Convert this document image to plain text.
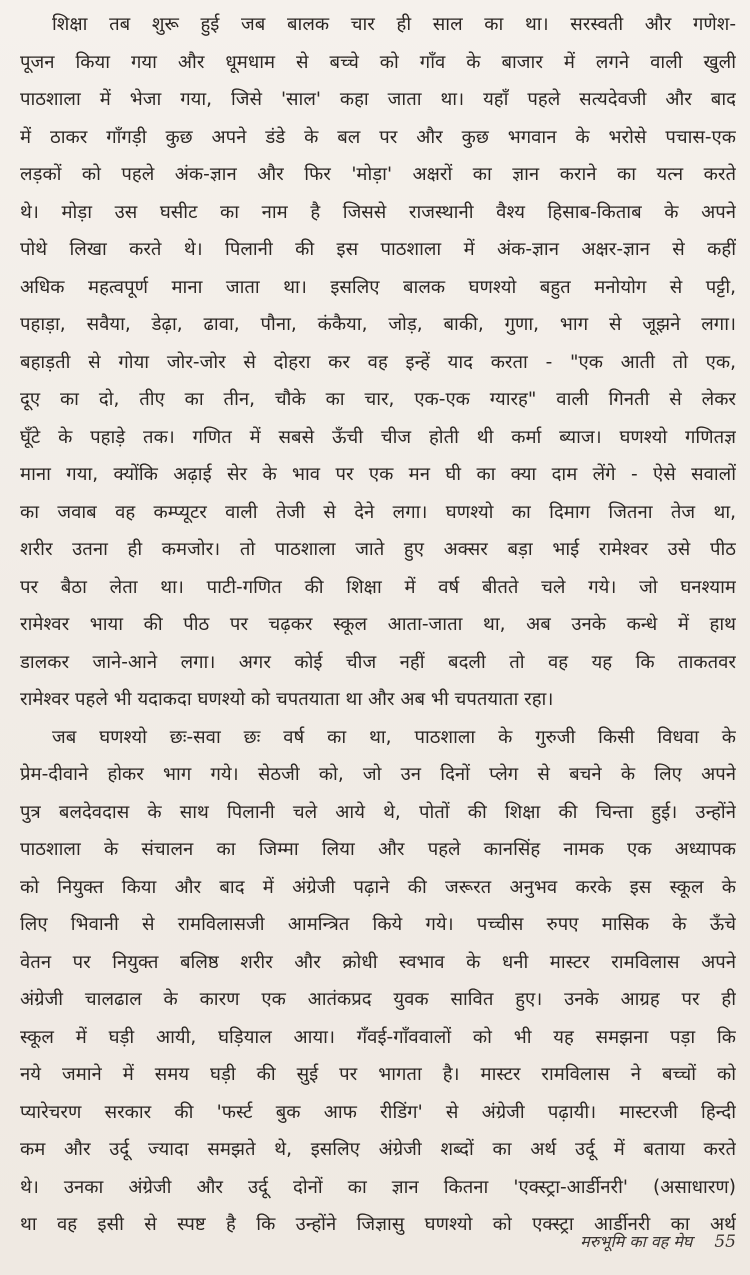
शिक्षा तब शुरू हुई जब बालक चार ही साल का था। सरस्वती और गणेश-
पूजन किया गया और धूमधाम से बच्चे को गाँव के बाजार में लगने वाली खुली
पाठशाला में भेजा गया, जिसे 'साल' कहा जाता था। यहाँ पहले सत्यदेवजी और बाद
में ठाकर गाँगड़ी कुछ अपने डंडे के बल पर और कुछ भगवान के भरोसे पचास-एक
लड़कों को पहले अंक-ज्ञान और फिर 'मोड़ा' अक्षरों का ज्ञान कराने का यत्न करते
थे। मोड़ा उस घसीट का नाम है जिससे राजस्थानी वैश्य हिसाब-किताब के अपने
पोथे लिखा करते थे। पिलानी की इस पाठशाला में अंक-ज्ञान अक्षर-ज्ञान से कहीं
अधिक महत्वपूर्ण माना जाता था। इसलिए बालक घणश्यो बहुत मनोयोग से पट्टी,
पहाड़ा, सवैया, डेढ़ा, ढावा, पौना, कंकैया, जोड़, बाकी, गुणा, भाग से जूझने लगा।
बहाड़ती से गोया जोर-जोर से दोहरा कर वह इन्हें याद करता - "एक आती तो एक,
दूए का दो, तीए का तीन, चौके का चार, एक-एक ग्यारह" वाली गिनती से लेकर
घूँटे के पहाड़े तक। गणित में सबसे ऊँची चीज होती थी कर्मा ब्याज। घणश्यो गणितज्ञ
माना गया, क्योंकि अढ़ाई सेर के भाव पर एक मन घी का क्या दाम लेंगे - ऐसे सवालों
का जवाब वह कम्प्यूटर वाली तेजी से देने लगा। घणश्यो का दिमाग जितना तेज था,
शरीर उतना ही कमजोर। तो पाठशाला जाते हुए अक्सर बड़ा भाई रामेश्वर उसे पीठ
पर बैठा लेता था। पाटी-गणित की शिक्षा में वर्ष बीतते चले गये। जो घनश्याम
रामेश्वर भाया की पीठ पर चढ़कर स्कूल आता-जाता था, अब उनके कन्धे में हाथ
डालकर जाने-आने लगा। अगर कोई चीज नहीं बदली तो वह यह कि ताकतवर
रामेश्वर पहले भी यदाकदा घणश्यो को चपतयाता था और अब भी चपतयाता रहा।
जब घणश्यो छः-सवा छः वर्ष का था, पाठशाला के गुरुजी किसी विधवा के
प्रेम-दीवाने होकर भाग गये। सेठजी को, जो उन दिनों प्लेग से बचने के लिए अपने
पुत्र बलदेवदास के साथ पिलानी चले आये थे, पोतों की शिक्षा की चिन्ता हुई। उन्होंने
पाठशाला के संचालन का जिम्मा लिया और पहले कानसिंह नामक एक अध्यापक
को नियुक्त किया और बाद में अंग्रेजी पढ़ाने की जरूरत अनुभव करके इस स्कूल के
लिए भिवानी से रामविलासजी आमन्त्रित किये गये। पच्चीस रुपए मासिक के ऊँचे
वेतन पर नियुक्त बलिष्ठ शरीर और क्रोधी स्वभाव के धनी मास्टर रामविलास अपने
अंग्रेजी चालढाल के कारण एक आतंकप्रद युवक सावित हुए। उनके आग्रह पर ही
स्कूल में घड़ी आयी, घड़ियाल आया। गँवई-गाँववालों को भी यह समझना पड़ा कि
नये जमाने में समय घड़ी की सुई पर भागता है। मास्टर रामविलास ने बच्चों को
प्यारेचरण सरकार की 'फर्स्ट बुक आफ रीडिंग' से अंग्रेजी पढ़ायी। मास्टरजी हिन्दी
कम और उर्दू ज्यादा समझते थे, इसलिए अंग्रेजी शब्दों का अर्थ उर्दू में बताया करते
थे। उनका अंग्रेजी और उर्दू दोनों का ज्ञान कितना 'एक्स्ट्रा-आर्डीनरी' (असाधारण)
था वह इसी से स्पष्ट है कि उन्होंने जिज्ञासु घणश्यो को एक्स्ट्रा आर्डीनरी का अर्थ
मरुभूमि का वह मेघ 55
